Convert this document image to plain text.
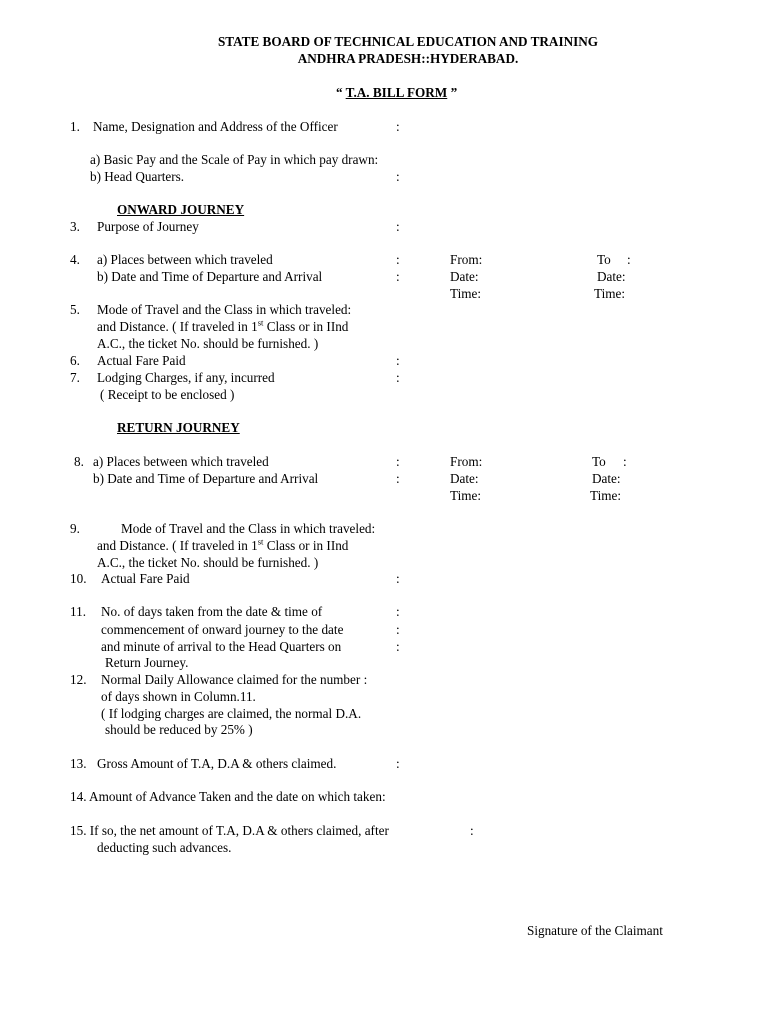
STATE BOARD OF TECHNICAL EDUCATION AND TRAINING
ANDHRA PRADESH::HYDERABAD.
“ T.A. BILL FORM ”
1. Name, Designation and Address of the Officer	:
a) Basic Pay and the Scale of Pay in which pay drawn:
b) Head Quarters.	:
ONWARD JOURNEY
3. Purpose of Journey	:
4. a) Places between which traveled	:	From:	To :
b) Date and Time of Departure and Arrival	:	Date:	Date:
Time:	Time:
5. Mode of Travel and the Class in which traveled:
and Distance. ( If traveled in 1st Class or in IInd
A.C., the ticket No. should be furnished. )
6. Actual Fare Paid	:
7. Lodging Charges, if any, incurred	:
( Receipt to be enclosed )
RETURN JOURNEY
8. a) Places between which traveled	:	From:	To :
b) Date and Time of Departure and Arrival	:	Date:	Date:
Time:	Time:
9.	Mode of Travel and the Class in which traveled:
and Distance. ( If traveled in 1st Class or in IInd
A.C., the ticket No. should be furnished. )
10. Actual Fare Paid	:
11. No. of days taken from the date & time of	:
commencement of onward journey to the date	:
and minute of arrival to the Head Quarters on	:
Return Journey.
12. Normal Daily Allowance claimed for the number :
of days shown in Column.11.
( If lodging charges are claimed, the normal D.A.
should be reduced by 25% )
13. Gross Amount of T.A, D.A & others claimed.	:
14. Amount of Advance Taken and the date on which taken:
15. If so, the net amount of T.A, D.A & others claimed, after	:
deducting such advances.
Signature of the Claimant
